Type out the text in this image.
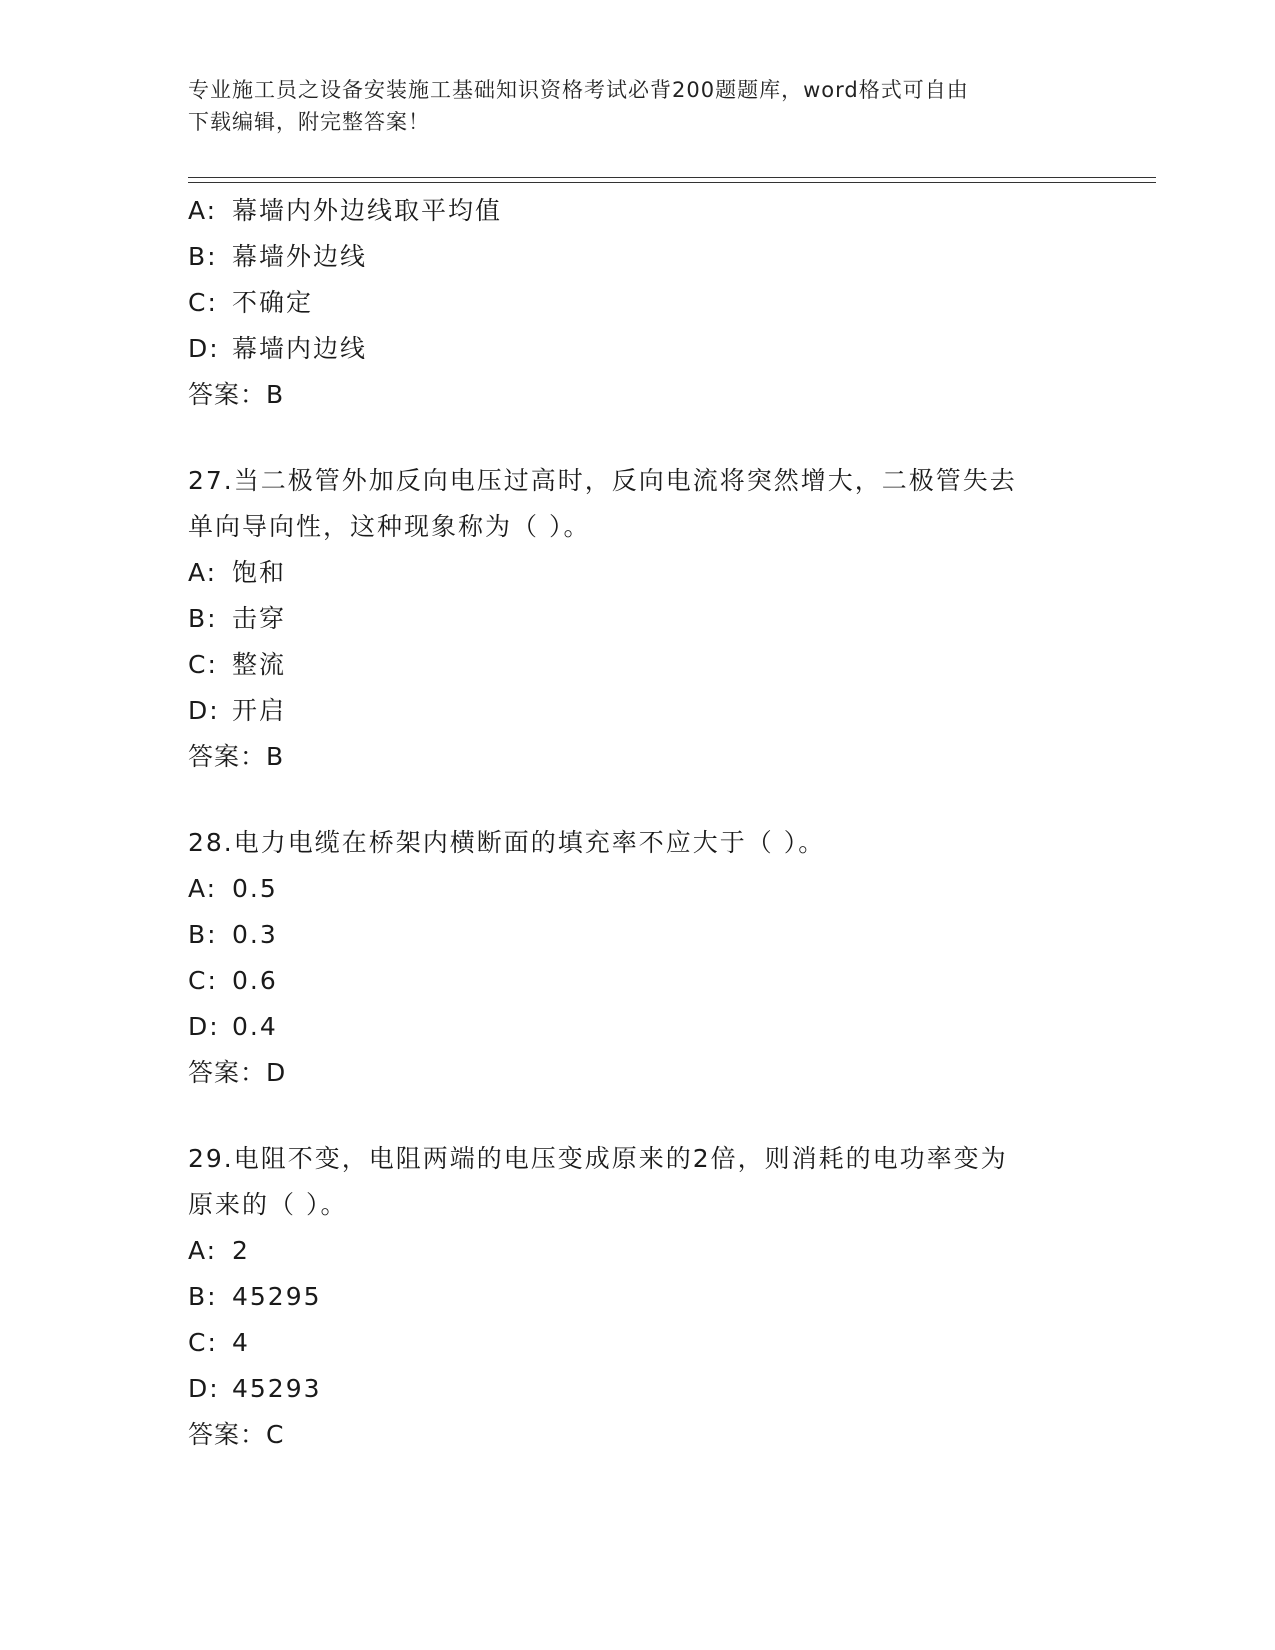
专业施工员之设备安装施工基础知识资格考试必背200题题库，word格式可自由
下载编辑，附完整答案！
A: 幕墙内外边线取平均值
B: 幕墙外边线
C: 不确定
D: 幕墙内边线
答案：B
27.当二极管外加反向电压过高时，反向电流将突然增大，二极管失去
单向导向性，这种现象称为（ ）。
A: 饱和
B: 击穿
C: 整流
D: 开启
答案：B
28.电力电缆在桥架内横断面的填充率不应大于（ ）。
A: 0.5
B: 0.3
C: 0.6
D: 0.4
答案：D
29.电阻不变，电阻两端的电压变成原来的2倍，则消耗的电功率变为
原来的（ ）。
A: 2
B: 45295
C: 4
D: 45293
答案：C
